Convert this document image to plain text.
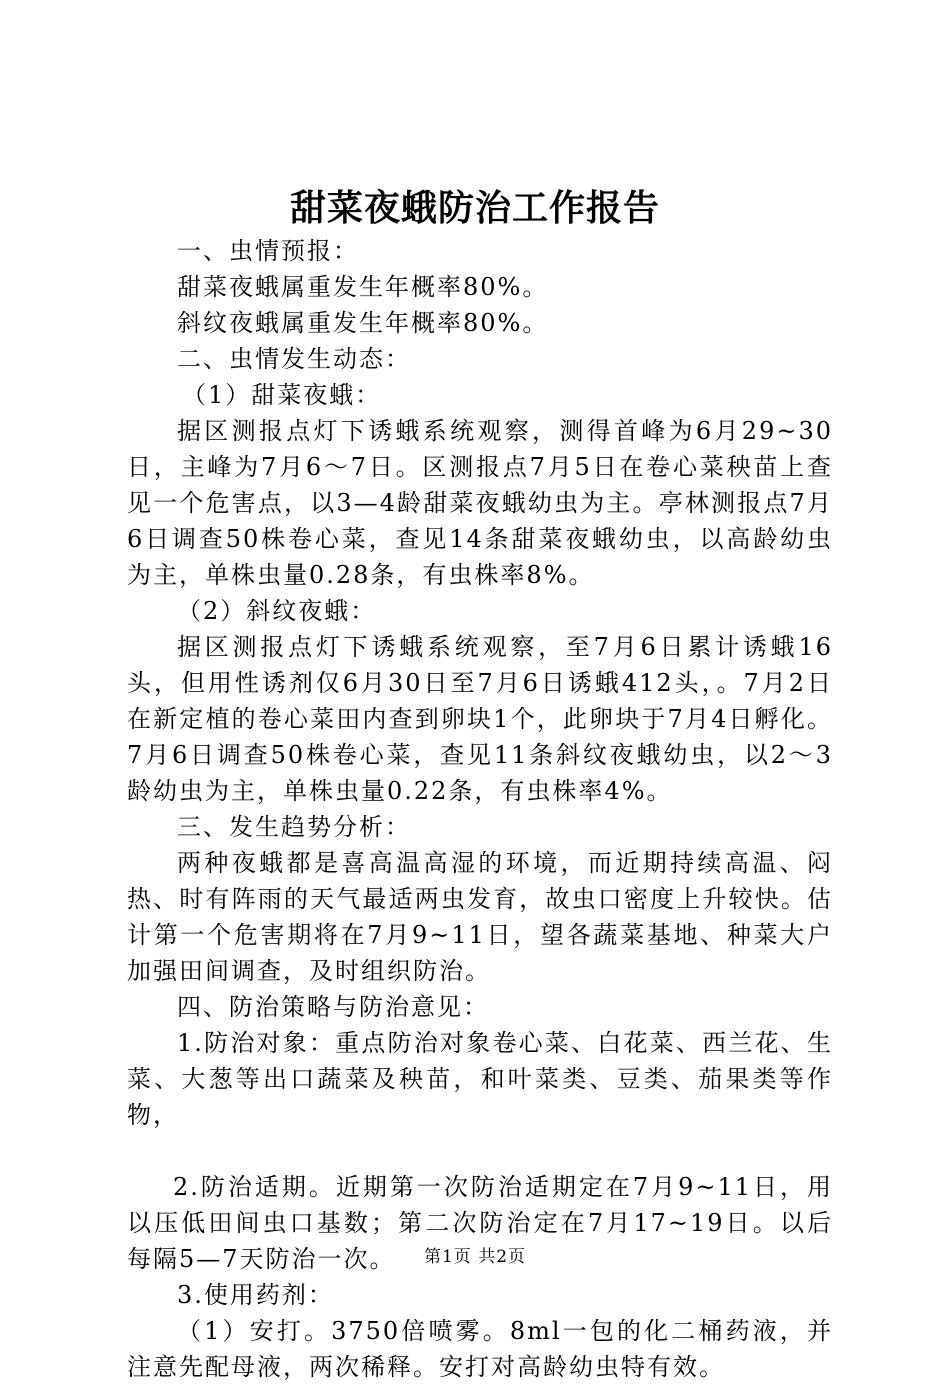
甜菜夜蛾防治工作报告

一、虫情预报：

甜菜夜蛾属重发生年概率80%。

斜纹夜蛾属重发生年概率80%。

二、虫情发生动态：

（1）甜菜夜蛾：

据区测报点灯下诱蛾系统观察，测得首峰为6月29~30日，主峰为7月6～7日。区测报点7月5日在卷心菜秧苗上查见一个危害点，以3—4龄甜菜夜蛾幼虫为主。亭林测报点7月6日调查50株卷心菜，查见14条甜菜夜蛾幼虫，以高龄幼虫为主，单株虫量0.28条，有虫株率8%。

（2）斜纹夜蛾：

据区测报点灯下诱蛾系统观察，至7月6日累计诱蛾16头，但用性诱剂仅6月30日至7月6日诱蛾412头，。7月2日在新定植的卷心菜田内查到卵块1个，此卵块于7月4日孵化。7月6日调查50株卷心菜，查见11条斜纹夜蛾幼虫，以2～3龄幼虫为主，单株虫量0.22条，有虫株率4%。

三、发生趋势分析：

两种夜蛾都是喜高温高湿的环境，而近期持续高温、闷热、时有阵雨的天气最适两虫发育，故虫口密度上升较快。估计第一个危害期将在7月9~11日，望各蔬菜基地、种菜大户加强田间调查，及时组织防治。

四、防治策略与防治意见：

1.防治对象：重点防治对象卷心菜、白花菜、西兰花、生菜、大葱等出口蔬菜及秧苗，和叶菜类、豆类、茄果类等作物，

2.防治适期。近期第一次防治适期定在7月9~11日，用以压低田间虫口基数；第二次防治定在7月17~19日。以后每隔5—7天防治一次。

3.使用药剂：

（1）安打。3750倍喷雾。8ml一包的化二桶药液，并注意先配母液，两次稀释。安打对高龄幼虫特有效。

第1页 共2页
